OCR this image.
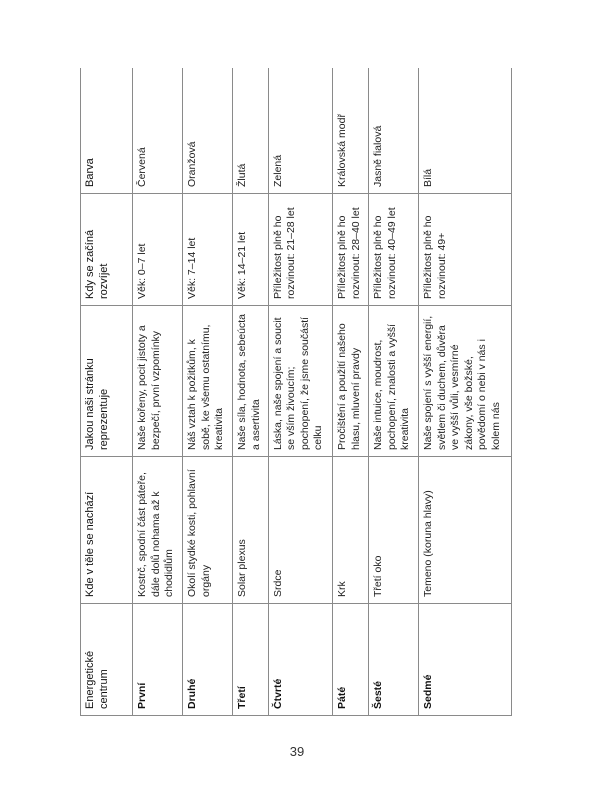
Energetické centrum	Kde v těle se nachází	Jakou naši stránku reprezentuje	Kdy se začíná rozvíjet	Barva
První	Kostrč, spodní část páteře, dále dolů nohama až k chodidlům	Naše kořeny, pocit jistoty a bezpečí, první vzpomínky	Věk: 0–7 let	Červená
Druhé	Okolí stydké kosti, pohlavní orgány	Náš vztah k požitkům, k sobě, ke všemu ostatnímu, kreativita	Věk: 7–14 let	Oranžová
Třetí	Solar plexus	Naše síla, hodnota, sebeúcta a asertivita	Věk: 14–21 let	Žlutá
Čtvrté	Srdce	Láska, naše spojení a soucit se vším živoucím; pochopení, že jsme součástí celku	Příležitost plně ho rozvinout: 21–28 let	Zelená
Páté	Krk	Pročištění a použití našeho hlasu, mluvení pravdy	Příležitost plně ho rozvinout: 28–40 let	Královská modř
Šesté	Třetí oko	Naše intuice, moudrost, pochopení, znalosti a vyšší kreativita	Příležitost plně ho rozvinout: 40–49 let	Jasně fialová
Sedmé	Temeno (koruna hlavy)	Naše spojení s vyšší energií, světlem či duchem, důvěra ve vyšší vůli, vesmírné zákony, vše božské, povědomí o nebi v nás i kolem nás	Příležitost plně ho rozvinout: 49+	Bílá
39
